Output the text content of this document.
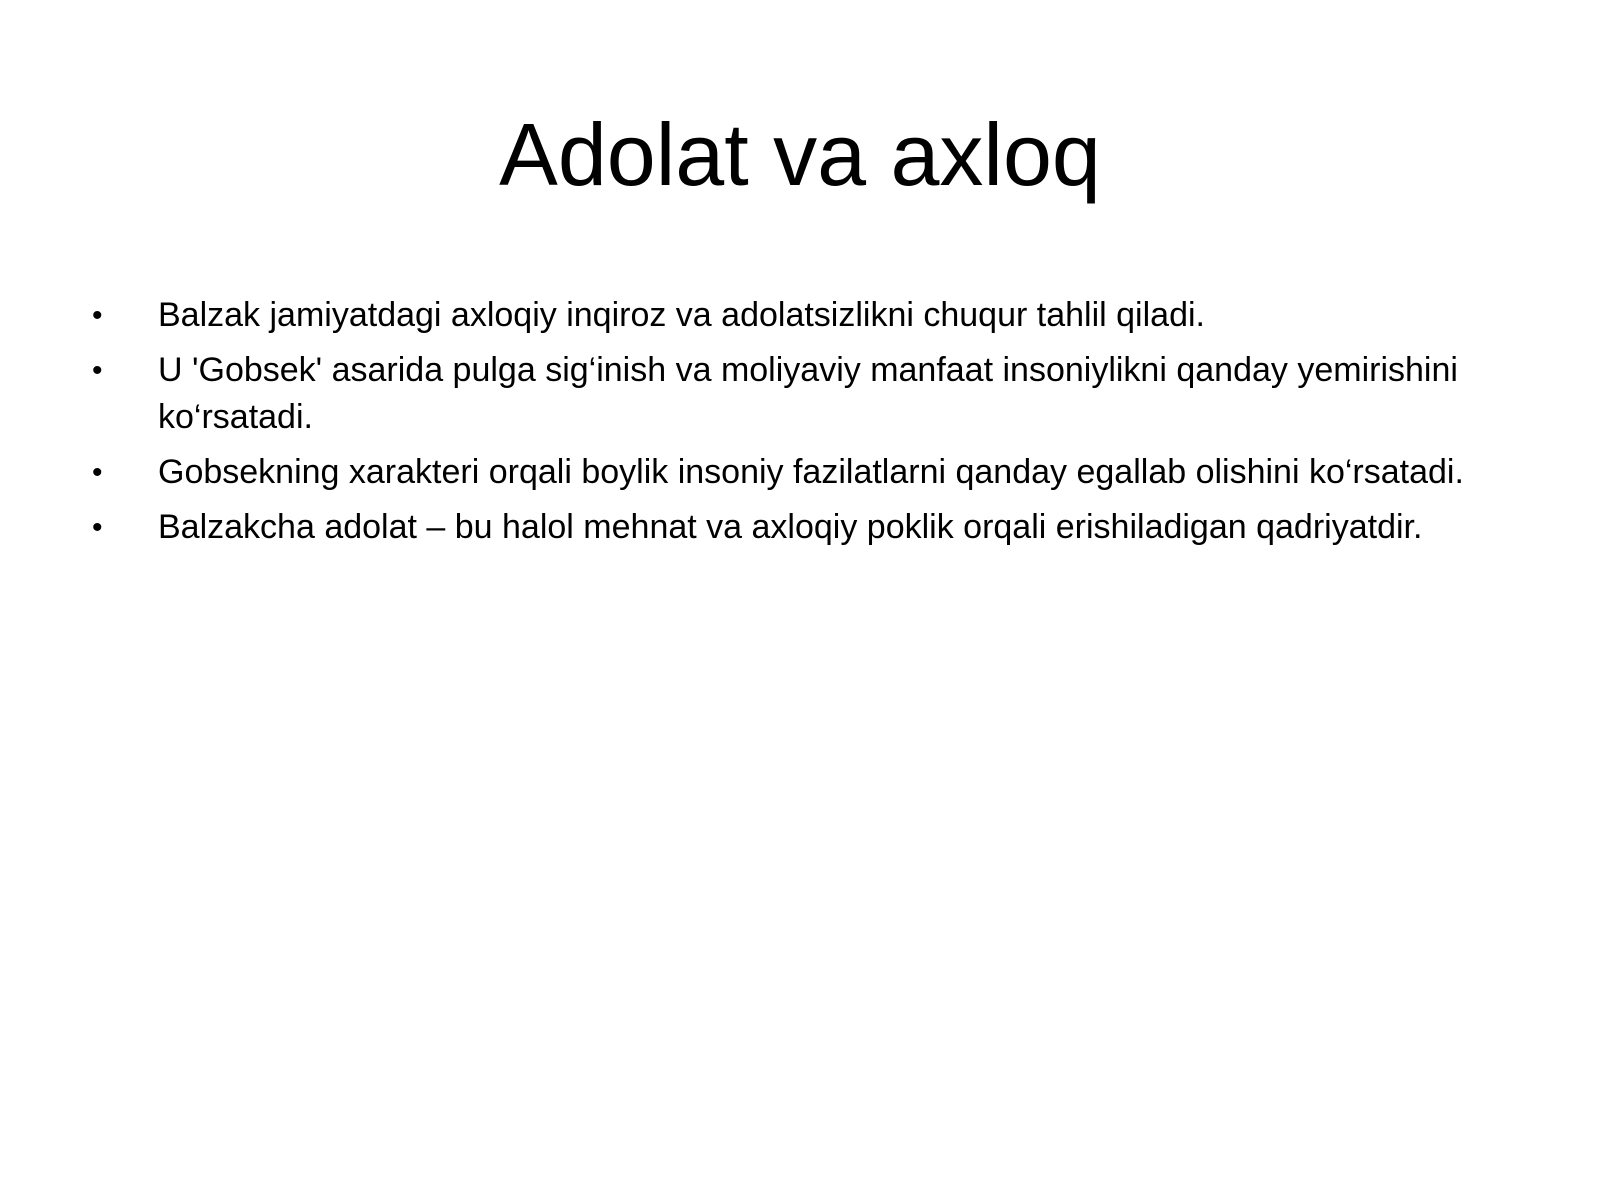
Adolat va axloq
• Balzak jamiyatdagi axloqiy inqiroz va adolatsizlikni chuqur tahlil qiladi.
• U 'Gobsek' asarida pulga sig‘inish va moliyaviy manfaat insoniylikni qanday yemirishini ko‘rsatadi.
• Gobsekning xarakteri orqali boylik insoniy fazilatlarni qanday egallab olishini ko‘rsatadi.
• Balzakcha adolat – bu halol mehnat va axloqiy poklik orqali erishiladigan qadriyatdir.
